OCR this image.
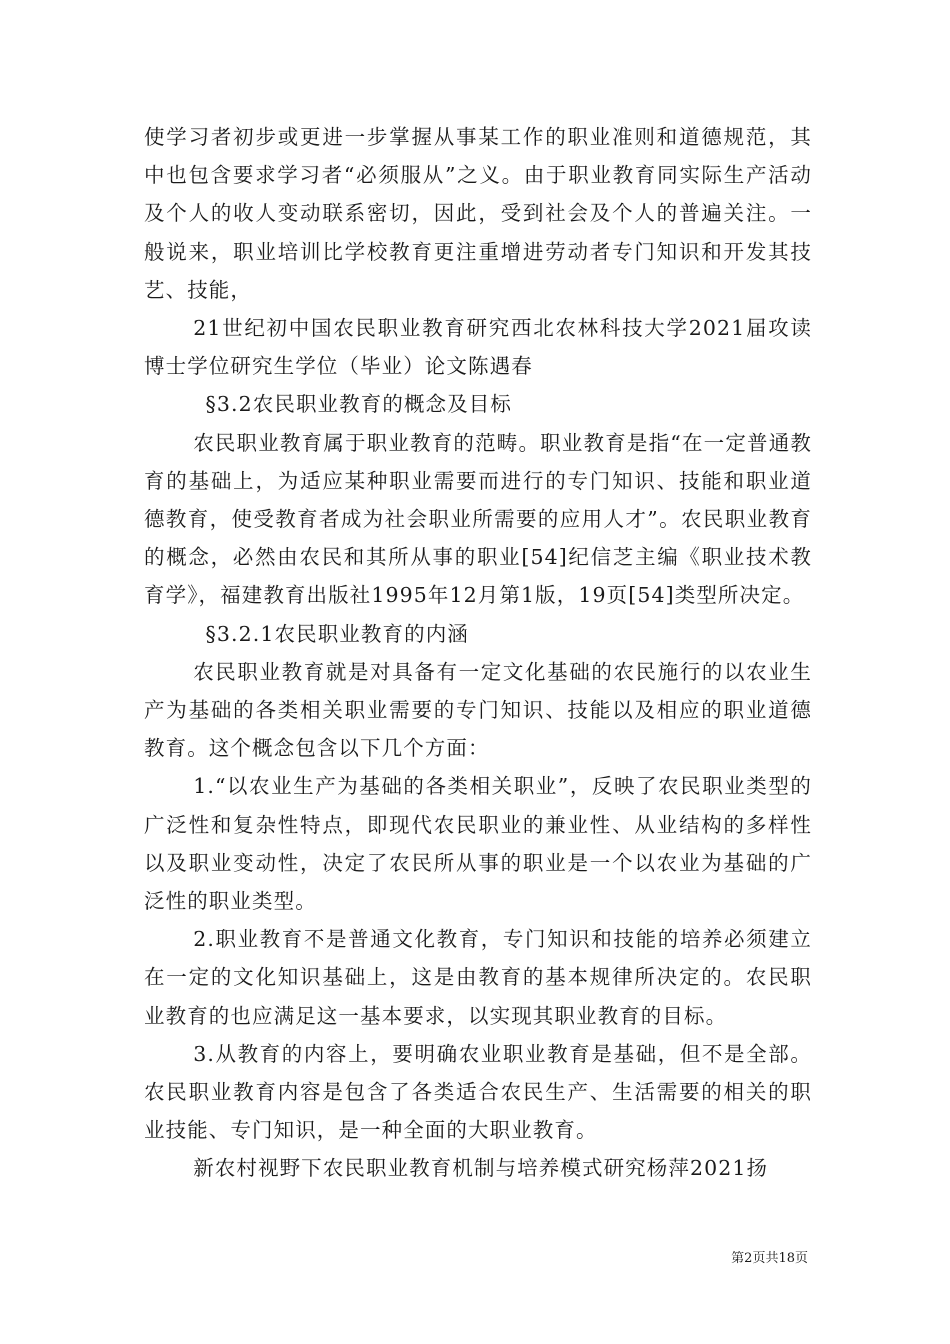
使学习者初步或更进一步掌握从事某工作的职业准则和道德规范，其中也包含要求学习者“必须服从”之义。由于职业教育同实际生产活动及个人的收人变动联系密切，因此，受到社会及个人的普遍关注。一般说来，职业培训比学校教育更注重增进劳动者专门知识和开发其技艺、技能，

21世纪初中国农民职业教育研究西北农林科技大学2021届攻读博士学位研究生学位（毕业）论文陈遇春

§3.2农民职业教育的概念及目标

农民职业教育属于职业教育的范畴。职业教育是指“在一定普通教育的基础上，为适应某种职业需要而进行的专门知识、技能和职业道德教育，使受教育者成为社会职业所需要的应用人才”。农民职业教育的概念，必然由农民和其所从事的职业[54]纪信芝主编《职业技术教育学》，福建教育出版社1995年12月第1版，19页[54]类型所决定。

§3.2.1农民职业教育的内涵

农民职业教育就是对具备有一定文化基础的农民施行的以农业生产为基础的各类相关职业需要的专门知识、技能以及相应的职业道德教育。这个概念包含以下几个方面：

1.“以农业生产为基础的各类相关职业”，反映了农民职业类型的广泛性和复杂性特点，即现代农民职业的兼业性、从业结构的多样性以及职业变动性，决定了农民所从事的职业是一个以农业为基础的广泛性的职业类型。

2.职业教育不是普通文化教育，专门知识和技能的培养必须建立在一定的文化知识基础上，这是由教育的基本规律所决定的。农民职业教育的也应满足这一基本要求，以实现其职业教育的目标。

3.从教育的内容上，要明确农业职业教育是基础，但不是全部。农民职业教育内容是包含了各类适合农民生产、生活需要的相关的职业技能、专门知识，是一种全面的大职业教育。

新农村视野下农民职业教育机制与培养模式研究杨萍2021扬

第2页共18页
